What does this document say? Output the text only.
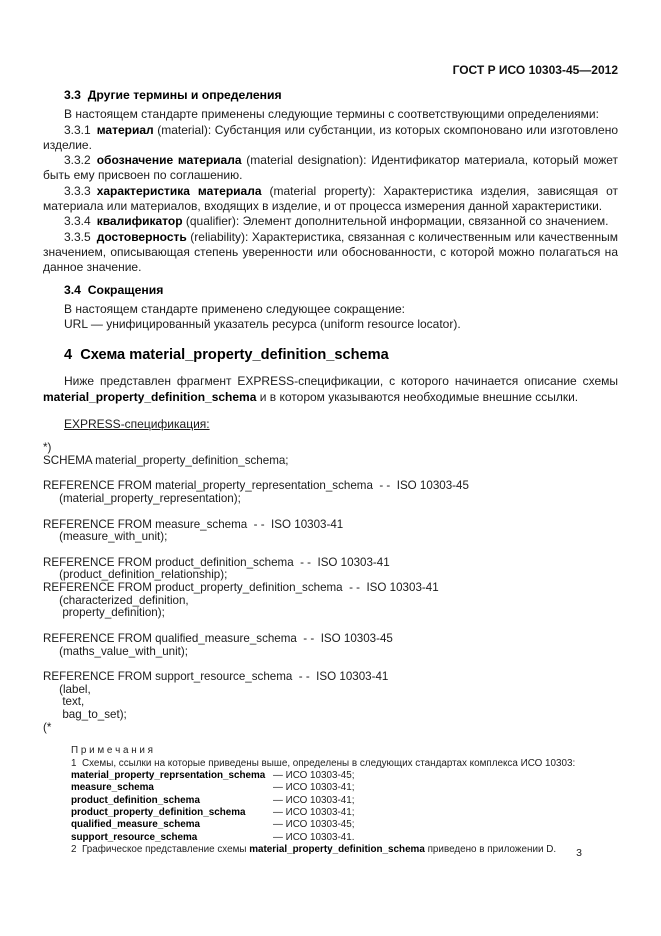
ГОСТ Р ИСО 10303-45—2012

3.3  Другие термины и определения

В настоящем стандарте применены следующие термины с соответствующими определениями:

3.3.1 материал (material): Субстанция или субстанции, из которых скомпоновано или изготовлено изделие.

3.3.2 обозначение материала (material designation): Идентификатор материала, который может быть ему присвоен по соглашению.

3.3.3 характеристика материала (material property): Характеристика изделия, зависящая от материала или материалов, входящих в изделие, и от процесса измерения данной характеристики.

3.3.4 квалификатор (qualifier): Элемент дополнительной информации, связанной со значением.

3.3.5 достоверность (reliability): Характеристика, связанная с количественным или качественным значением, описывающая степень уверенности или обоснованности, с которой можно полагаться на данное значение.

3.4  Сокращения

В настоящем стандарте применено следующее сокращение:

URL — унифицированный указатель ресурса (uniform resource locator).

4  Схема material_property_definition_schema

Ниже представлен фрагмент EXPRESS-спецификации, с которого начинается описание схемы material_property_definition_schema и в котором указываются необходимые внешние ссылки.

EXPRESS-спецификация:

*)
SCHEMA material_property_definition_schema;
REFERENCE FROM material_property_representation_schema  - -  ISO 10303-45
(material_property_representation);
REFERENCE FROM measure_schema  - -  ISO 10303-41
(measure_with_unit);
REFERENCE FROM product_definition_schema  - -  ISO 10303-41
(product_definition_relationship);
REFERENCE FROM product_property_definition_schema  - -  ISO 10303-41
(characterized_definition,
property_definition);
REFERENCE FROM qualified_measure_schema  - -  ISO 10303-45
(maths_value_with_unit);
REFERENCE FROM support_resource_schema  - -  ISO 10303-41
(label,
text,
bag_to_set);
(*

П р и м е ч а н и я

1  Схемы, ссылки на которые приведены выше, определены в следующих стандартах комплекса ИСО 10303:

material_property_reprsentation_schema — ИСО 10303-45;
measure_schema	— ИСО 10303-41;
product_definition_schema	— ИСО 10303-41;
product_property_definition_schema	— ИСО 10303-41;
qualified_measure_schema	— ИСО 10303-45;
support_resource_schema	— ИСО 10303-41.

2  Графическое представление схемы material_property_definition_schema приведено в приложении D.	3
